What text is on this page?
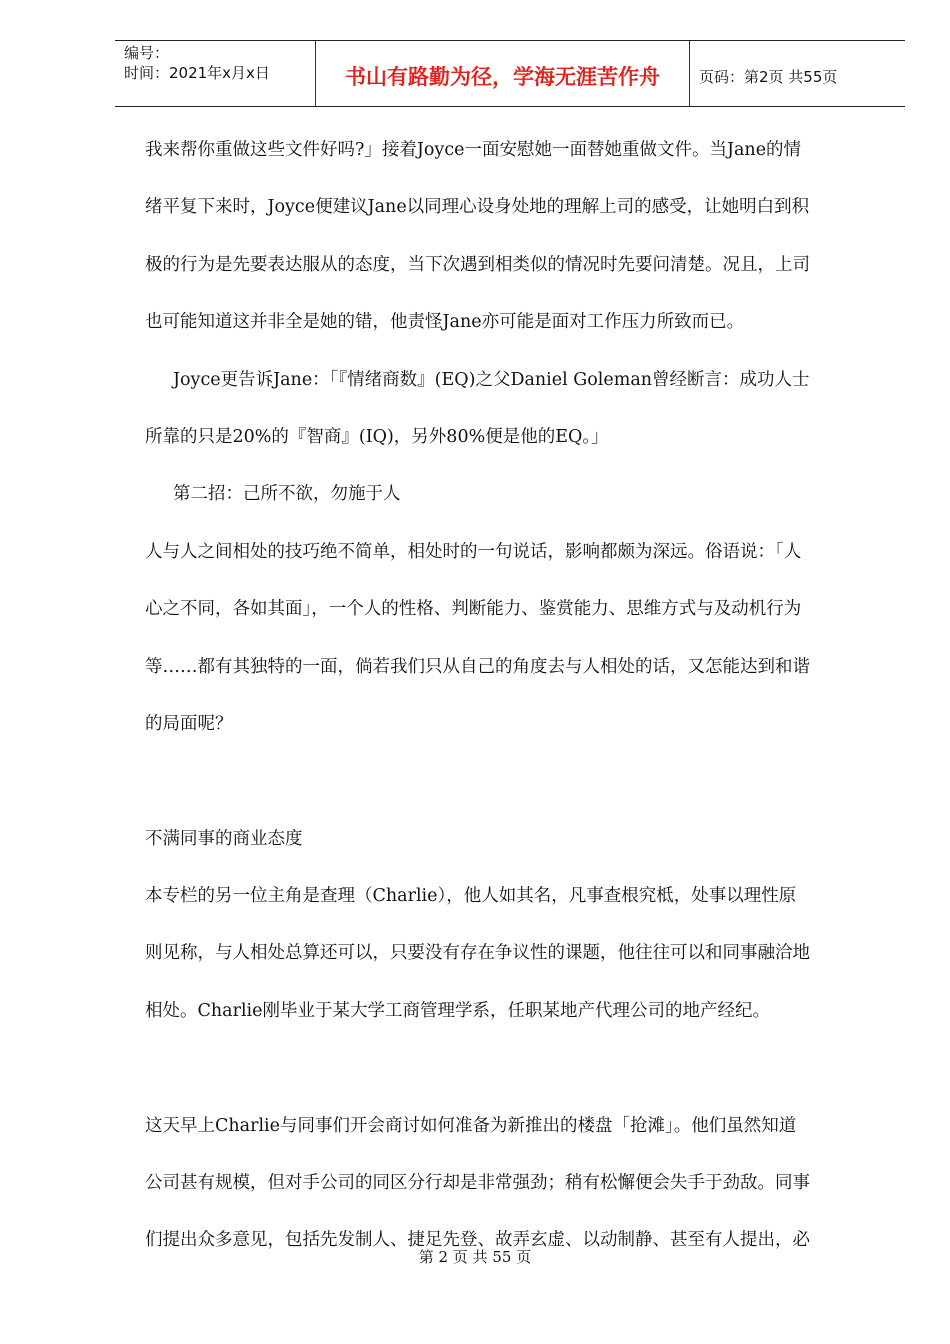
编号：
时间：2021年x月x日	书山有路勤为径，学海无涯苦作舟	页码：第2页 共55页
我来帮你重做这些文件好吗?」接着Joyce一面安慰她一面替她重做文件。当Jane的情
绪平复下来时，Joyce便建议Jane以同理心设身处地的理解上司的感受，让她明白到积
极的行为是先要表达服从的态度，当下次遇到相类似的情况时先要问清楚。况且，上司
也可能知道这并非全是她的错，他责怪Jane亦可能是面对工作压力所致而已。
Joyce更告诉Jane：「『情绪商数』(EQ)之父Daniel Goleman曾经断言：成功人士
所靠的只是20%的『智商』(IQ)，另外80%便是他的EQ。」
第二招：己所不欲，勿施于人
人与人之间相处的技巧绝不简单，相处时的一句说话，影响都颇为深远。俗语说：「人
心之不同，各如其面」，一个人的性格、判断能力、鉴赏能力、思维方式与及动机行为
等……都有其独特的一面，倘若我们只从自己的角度去与人相处的话，又怎能达到和谐
的局面呢？
不满同事的商业态度
本专栏的另一位主角是查理（Charlie），他人如其名，凡事查根究柢，处事以理性原
则见称，与人相处总算还可以，只要没有存在争议性的课题，他往往可以和同事融洽地
相处。Charlie刚毕业于某大学工商管理学系，任职某地产代理公司的地产经纪。
这天早上Charlie与同事们开会商讨如何准备为新推出的楼盘「抢滩」。他们虽然知道
公司甚有规模，但对手公司的同区分行却是非常强劲；稍有松懈便会失手于劲敌。同事
们提出众多意见，包括先发制人、捷足先登、故弄玄虚、以动制静、甚至有人提出，必
第 2 页 共 55 页
